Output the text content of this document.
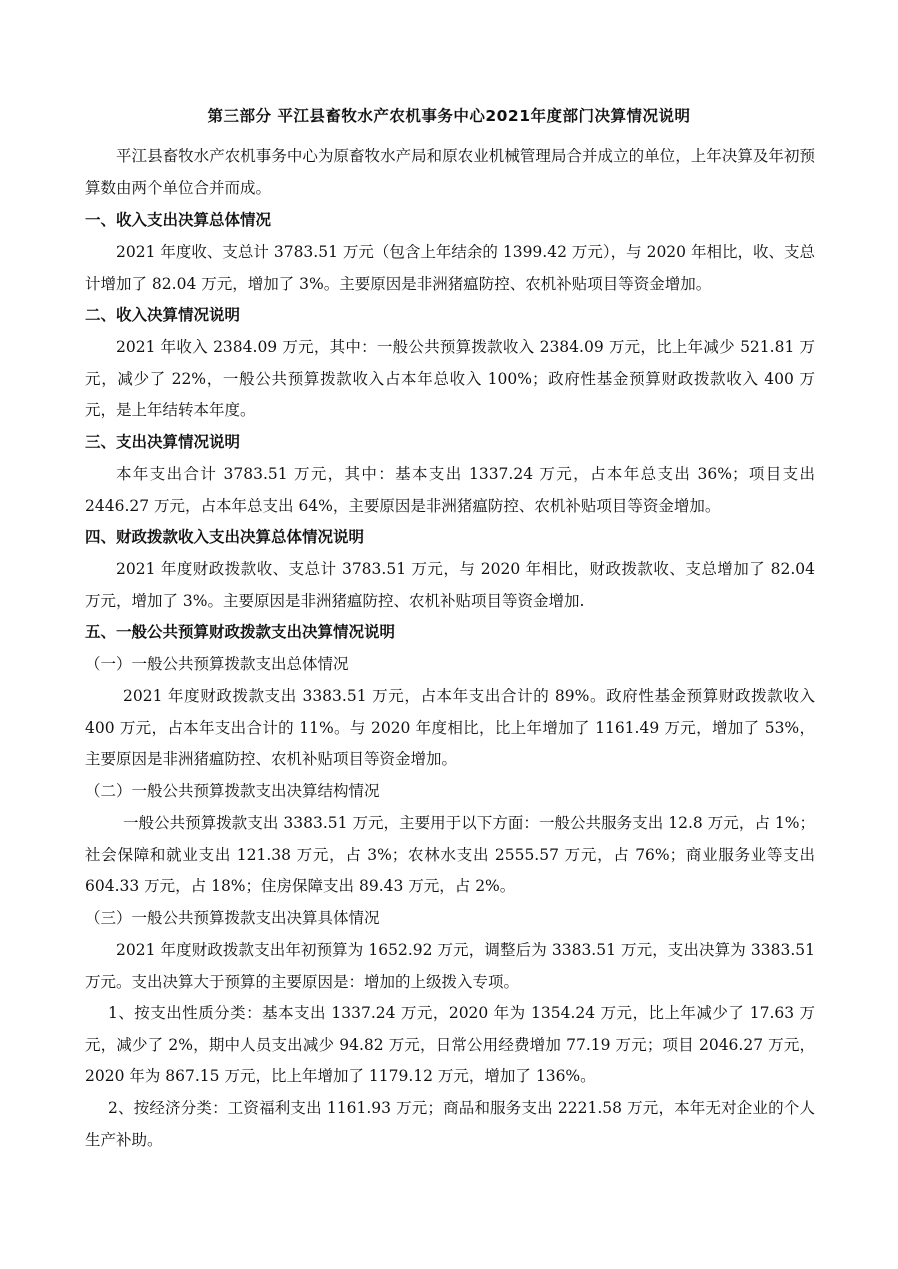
第三部分 平江县畜牧水产农机事务中心2021年度部门决算情况说明
平江县畜牧水产农机事务中心为原畜牧水产局和原农业机械管理局合并成立的单位，上年决算及年初预算数由两个单位合并而成。
一、收入支出决算总体情况
2021 年度收、支总计 3783.51 万元（包含上年结余的 1399.42 万元），与 2020 年相比，收、支总计增加了 82.04 万元，增加了 3%。主要原因是非洲猪瘟防控、农机补贴项目等资金增加。
二、收入决算情况说明
2021 年收入 2384.09 万元，其中：一般公共预算拨款收入 2384.09 万元，比上年减少 521.81 万元，减少了 22%，一般公共预算拨款收入占本年总收入 100%；政府性基金预算财政拨款收入 400 万元，是上年结转本年度。
三、支出决算情况说明
本年支出合计 3783.51 万元，其中：基本支出 1337.24 万元，占本年总支出 36%；项目支出 2446.27 万元，占本年总支出 64%，主要原因是非洲猪瘟防控、农机补贴项目等资金增加。
四、财政拨款收入支出决算总体情况说明
2021 年度财政拨款收、支总计 3783.51 万元，与 2020 年相比，财政拨款收、支总增加了 82.04 万元，增加了 3%。主要原因是非洲猪瘟防控、农机补贴项目等资金增加.
五、一般公共预算财政拨款支出决算情况说明
（一）一般公共预算拨款支出总体情况
2021 年度财政拨款支出 3383.51 万元，占本年支出合计的 89%。政府性基金预算财政拨款收入 400 万元，占本年支出合计的 11%。与 2020 年度相比，比上年增加了 1161.49 万元，增加了 53%，主要原因是非洲猪瘟防控、农机补贴项目等资金增加。
（二）一般公共预算拨款支出决算结构情况
一般公共预算拨款支出 3383.51 万元，主要用于以下方面：一般公共服务支出 12.8 万元，占 1%；社会保障和就业支出 121.38 万元，占 3%；农林水支出 2555.57 万元，占 76%；商业服务业等支出 604.33 万元，占 18%；住房保障支出 89.43 万元，占 2%。
（三）一般公共预算拨款支出决算具体情况
2021 年度财政拨款支出年初预算为 1652.92 万元，调整后为 3383.51 万元，支出决算为 3383.51 万元。支出决算大于预算的主要原因是：增加的上级拨入专项。
1、按支出性质分类：基本支出 1337.24 万元，2020 年为 1354.24 万元，比上年减少了 17.63 万元，减少了 2%，期中人员支出减少 94.82 万元，日常公用经费增加 77.19 万元；项目 2046.27 万元，2020 年为 867.15 万元，比上年增加了 1179.12 万元，增加了 136%。
2、按经济分类：工资福利支出 1161.93 万元；商品和服务支出 2221.58 万元，本年无对企业的个人生产补助。
